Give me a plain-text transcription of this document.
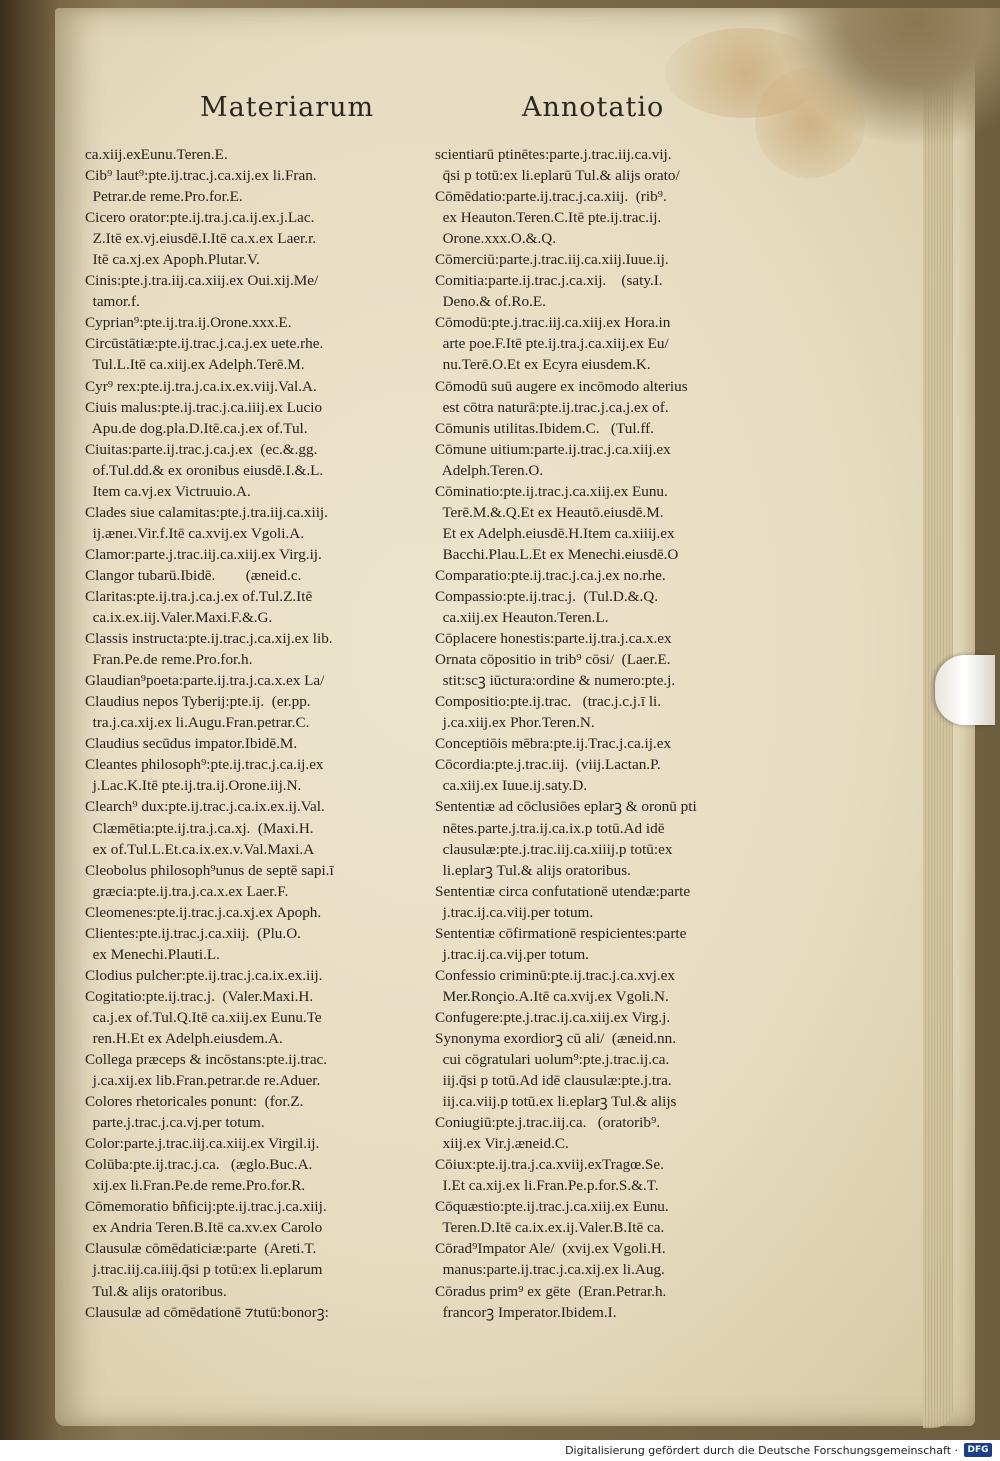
Materiarum	Annotatio
ca.xiij.exEunu.Teren.E.
Cib⁹ laut⁹:pte.ij.trac.j.ca.xij.ex li.Fran.
Petrar.de reme.Pro.for.E.
Cicero orator:pte.ij.tra.j.ca.ij.ex.j.Lac.
Z.Itē ex.vj.eiusdē.I.Itē ca.x.ex Laer.r.
Itē ca.xj.ex Apoph.Plutar.V.
Cinis:pte.j.tra.iij.ca.xiij.ex Oui.xij.Me/
tamor.f.
Cyprian⁹:pte.ij.tra.ij.Orone.xxx.E.
Circūstātiæ:pte.ij.trac.j.ca.j.ex uete.rhe.
Tul.L.Itē ca.xiij.ex Adelph.Terē.M.
Cyr⁹ rex:pte.ij.tra.j.ca.ix.ex.viij.Val.A.
Ciuis malus:pte.ij.trac.j.ca.iiij.ex Lucio
Apu.de dog.pla.D.Itē.ca.j.ex of.Tul.
Ciuitas:parte.ij.trac.j.ca.j.ex  (ec.&.gg.
of.Tul.dd.& ex oronibus eiusdē.I.&.L.
Item ca.vj.ex Victruuio.A.
Clades siue calamitas:pte.j.tra.iij.ca.xiij.
ij.æneı.Vir.f.Itē ca.xvij.ex Vgoli.A.
Clamor:parte.j.trac.iij.ca.xiij.ex Virg.ij.
Clangor tubarū.Ibidē.        (æneid.c.
Claritas:pte.ij.tra.j.ca.j.ex of.Tul.Z.Itē
ca.ix.ex.iij.Valer.Maxi.F.&.G.
Classis instructa:pte.ij.trac.j.ca.xij.ex lib.
Fran.Pe.de reme.Pro.for.h.
Glaudian⁹poeta:parte.ij.tra.j.ca.x.ex La/
Claudius nepos Tyberij:pte.ij.  (er.pp.
tra.j.ca.xij.ex li.Augu.Fran.petrar.C.
Claudius secūdus impator.Ibidē.M.
Cleantes philosoph⁹:pte.ij.trac.j.ca.ij.ex
j.Lac.K.Itē pte.ij.tra.ij.Orone.iij.N.
Clearch⁹ dux:pte.ij.trac.j.ca.ix.ex.ij.Val.
Clæmētia:pte.ij.tra.j.ca.xj.  (Maxi.H.
ex of.Tul.L.Et.ca.ix.ex.v.Val.Maxi.A
Cleobolus philosoph⁹unus de septē sapi.ī
græcia:pte.ij.tra.j.ca.x.ex Laer.F.
Cleomenes:pte.ij.trac.j.ca.xj.ex Apoph.
Clientes:pte.ij.trac.j.ca.xiij.  (Plu.O.
ex Menechi.Plauti.L.
Clodius pulcher:pte.ij.trac.j.ca.ix.ex.iij.
Cogitatio:pte.ij.trac.j.  (Valer.Maxi.H.
ca.j.ex of.Tul.Q.Itē ca.xiij.ex Eunu.Te
ren.H.Et ex Adelph.eiusdem.A.
Collega præceps & incōstans:pte.ij.trac.
j.ca.xij.ex lib.Fran.petrar.de re.Aduer.
Colores rhetoricales ponunt:  (for.Z.
parte.j.trac.j.ca.vj.per totum.
Color:parte.j.trac.iij.ca.xiij.ex Virgil.ij.
Colūba:pte.ij.trac.j.ca.   (æglo.Buc.A.
xij.ex li.Fran.Pe.de reme.Pro.for.R.
Cōmemoratio bñficij:pte.ij.trac.j.ca.xiij.
ex Andria Teren.B.Itē ca.xv.ex Carolo
Clausulæ cōmēdaticiæ:parte  (Areti.T.
j.trac.iij.ca.iiij.q̄si p totū:ex li.eplarum
Tul.& alijs oratoribus.
Clausulæ ad cōmēdationē ⁊tutū:bonorꝫ:
scientiarū ptinētes:parte.j.trac.iij.ca.vij.
q̄si p totū:ex li.eplarū Tul.& alijs orato/
Cōmēdatio:parte.ij.trac.j.ca.xiij.  (rib⁹.
ex Heauton.Teren.C.Itē pte.ij.trac.ij.
Orone.xxx.O.&.Q.
Cōmerciū:parte.j.trac.iij.ca.xiij.Iuue.ij.
Comitia:parte.ij.trac.j.ca.xij.    (saty.I.
Deno.& of.Ro.E.
Cōmodū:pte.j.trac.iij.ca.xiij.ex Hora.in
arte poe.F.Itē pte.ij.tra.j.ca.xiij.ex Eu/
nu.Terē.O.Et ex Ecyra eiusdem.K.
Cōmodū suū augere ex incōmodo alterius
est cōtra naturā:pte.ij.trac.j.ca.j.ex of.
Cōmunis utilitas.Ibidem.C.   (Tul.ff.
Cōmune uitium:parte.ij.trac.j.ca.xiij.ex
Adelph.Teren.O.
Cōminatio:pte.ij.trac.j.ca.xiij.ex Eunu.
Terē.M.&.Q.Et ex Heautō.eiusdē.M.
Et ex Adelph.eiusdē.H.Item ca.xiiij.ex
Bacchi.Plau.L.Et ex Menechi.eiusdē.O
Comparatio:pte.ij.trac.j.ca.j.ex no.rhe.
Compassio:pte.ij.trac.j.  (Tul.D.&.Q.
ca.xiij.ex Heauton.Teren.L.
Cōplacere honestis:parte.ij.tra.j.ca.x.ex
Ornata cōpositio in trib⁹ cōsi/  (Laer.E.
stit:scꝫ iūctura:ordine & numero:pte.j.
Compositio:pte.ij.trac.   (trac.j.c.j.ī li.
j.ca.xiij.ex Phor.Teren.N.
Conceptiōis mēbra:pte.ij.Trac.j.ca.ij.ex
Cōcordia:pte.j.trac.iij.  (viij.Lactan.P.
ca.xiij.ex Iuue.ij.saty.D.
Sententiæ ad cōclusiōes eplarꝫ & oronū pti
nētes.parte.j.tra.ij.ca.ix.p totū.Ad idē
clausulæ:pte.j.trac.iij.ca.xiiij.p totū:ex
li.eplarꝫ Tul.& alijs oratoribus.
Sententiæ circa confutationē utendæ:parte
j.trac.ij.ca.viij.per totum.
Sententiæ cōfirmationē respicientes:parte
j.trac.ij.ca.vij.per totum.
Confessio criminū:pte.ij.trac.j.ca.xvj.ex
Mer.Ronçio.A.Itē ca.xvij.ex Vgoli.N.
Confugere:pte.j.trac.ij.ca.xiij.ex Virg.j.
Synonyma exordiorꝫ cū ali/  (æneid.nn.
cui cōgratulari uolum⁹:pte.j.trac.ij.ca.
iij.q̄si p totū.Ad idē clausulæ:pte.j.tra.
iij.ca.viij.p totū.ex li.eplarꝫ Tul.& alijs
Coniugiū:pte.j.trac.iij.ca.   (oratorib⁹.
xiij.ex Vir.j.æneid.C.
Cōiux:pte.ij.tra.j.ca.xviij.exTragœ.Se.
I.Et ca.xij.ex li.Fran.Pe.p.for.S.&.T.
Cōquæstio:pte.ij.trac.j.ca.xiij.ex Eunu.
Teren.D.Itē ca.ix.ex.ij.Valer.B.Itē ca.
Cōrad⁹Impator Ale/  (xvij.ex Vgoli.H.
manus:parte.ij.trac.j.ca.xij.ex li.Aug.
Cōradus prim⁹ ex gēte  (Eran.Petrar.h.
francorꝫ Imperator.Ibidem.I.
Digitalisierung gefördert durch die Deutsche Forschungsgemeinschaft ·	DFG
